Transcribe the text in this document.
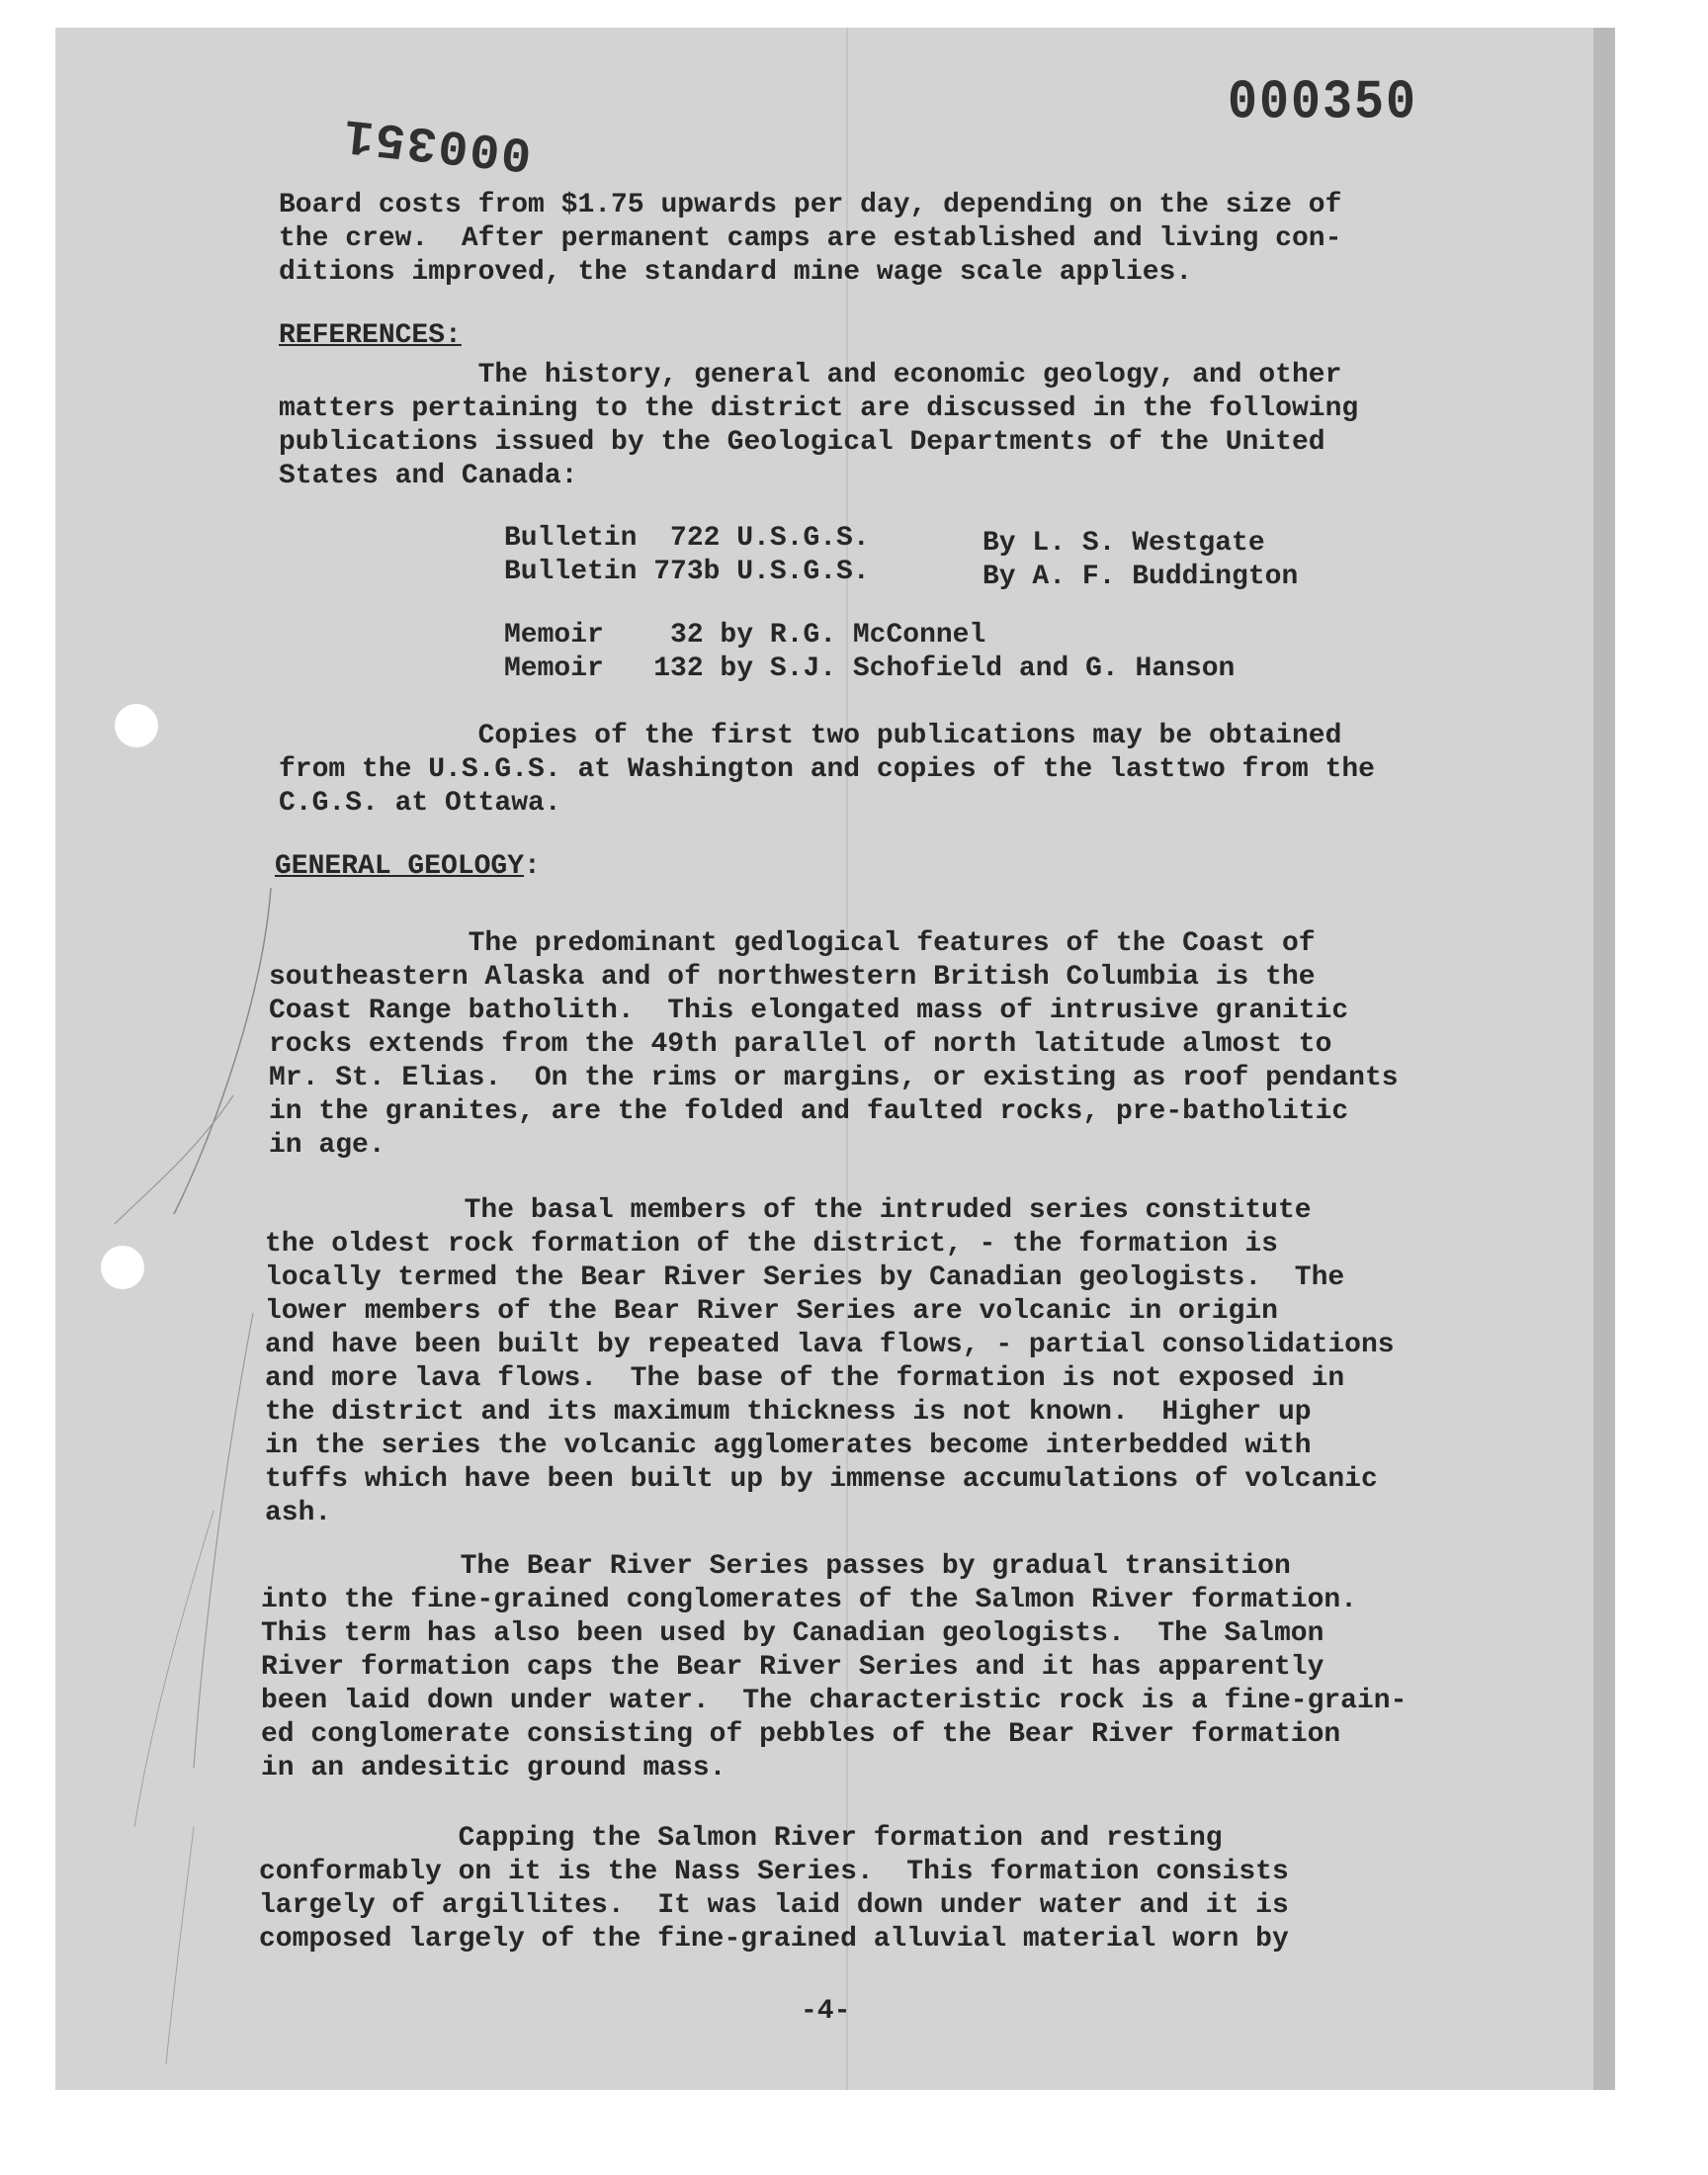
000350
000351
Board costs from $1.75 upwards per day, depending on the size of
the crew.  After permanent camps are established and living con-
ditions improved, the standard mine wage scale applies.
REFERENCES:
The history, general and economic geology, and other
matters pertaining to the district are discussed in the following
publications issued by the Geological Departments of the United
States and Canada:
Bulletin  722 U.S.G.S.
Bulletin 773b U.S.G.S.
By L. S. Westgate
By A. F. Buddington
Memoir    32 by R.G. McConnel
Memoir   132 by S.J. Schofield and G. Hanson
Copies of the first two publications may be obtained
from the U.S.G.S. at Washington and copies of the lasttwo from the
C.G.S. at Ottawa.
GENERAL GEOLOGY:
The predominant gedlogical features of the Coast of
southeastern Alaska and of northwestern British Columbia is the
Coast Range batholith.  This elongated mass of intrusive granitic
rocks extends from the 49th parallel of north latitude almost to
Mr. St. Elias.  On the rims or margins, or existing as roof pendants
in the granites, are the folded and faulted rocks, pre-batholitic
in age.
The basal members of the intruded series constitute
the oldest rock formation of the district, - the formation is
locally termed the Bear River Series by Canadian geologists.  The
lower members of the Bear River Series are volcanic in origin
and have been built by repeated lava flows, - partial consolidations
and more lava flows.  The base of the formation is not exposed in
the district and its maximum thickness is not known.  Higher up
in the series the volcanic agglomerates become interbedded with
tuffs which have been built up by immense accumulations of volcanic
ash.
The Bear River Series passes by gradual transition
into the fine-grained conglomerates of the Salmon River formation.
This term has also been used by Canadian geologists.  The Salmon
River formation caps the Bear River Series and it has apparently
been laid down under water.  The characteristic rock is a fine-grain-
ed conglomerate consisting of pebbles of the Bear River formation
in an andesitic ground mass.
Capping the Salmon River formation and resting
conformably on it is the Nass Series.  This formation consists
largely of argillites.  It was laid down under water and it is
composed largely of the fine-grained alluvial material worn by
-4-
